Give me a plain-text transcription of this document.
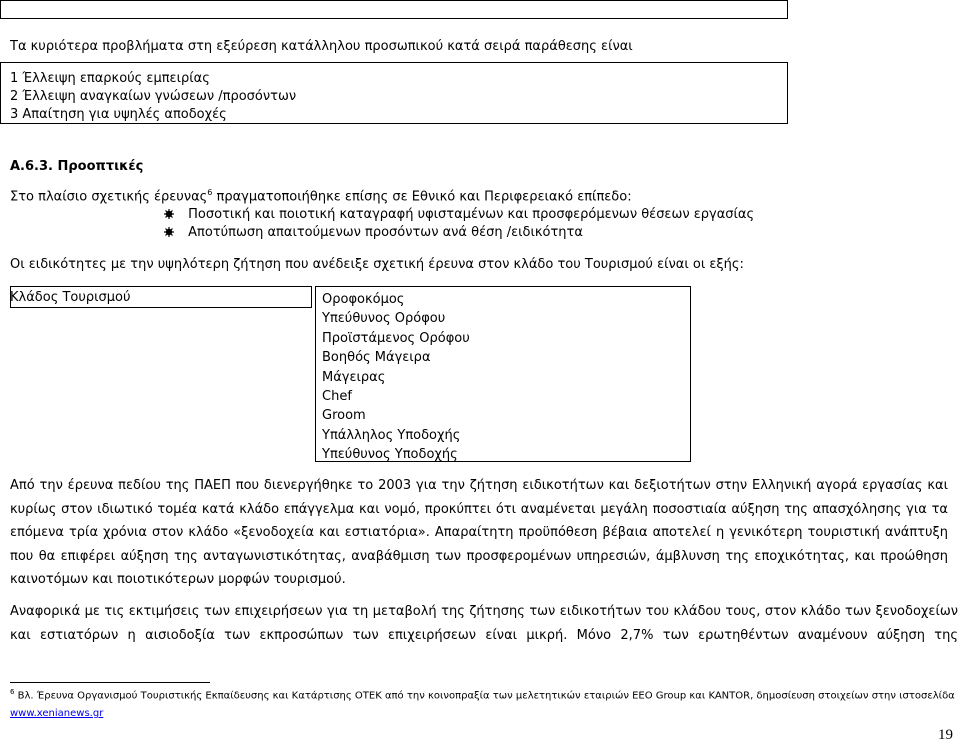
Τα κυριότερα προβλήματα στη εξεύρεση κατάλληλου προσωπικού κατά σειρά παράθεσης είναι
1 Έλλειψη επαρκούς εμπειρίας
2 Έλλειψη αναγκαίων γνώσεων /προσόντων
3 Απαίτηση για υψηλές αποδοχές
Α.6.3. Προοπτικές
Στο πλαίσιο σχετικής έρευνας$^6$ πραγματοποιήθηκε επίσης σε Εθνικό και Περιφερειακό επίπεδο:
Ποσοτική και ποιοτική καταγραφή υφισταμένων και προσφερόμενων θέσεων εργασίας
Αποτύπωση απαιτούμενων προσόντων ανά θέση /ειδικότητα
Οι ειδικότητες με την υψηλότερη ζήτηση που ανέδειξε σχετική έρευνα στον κλάδο του Τουρισμού είναι οι εξής:
Κλάδος Τουρισμού	Οροφοκόμος
Υπεύθυνος Ορόφου
Προϊστάμενος Ορόφου
Βοηθός Μάγειρα
Μάγειρας
Chef
Groom
Υπάλληλος Υποδοχής
Υπεύθυνος Υποδοχής
Από την έρευνα πεδίου της ΠΑΕΠ που διενεργήθηκε το 2003 για την ζήτηση ειδικοτήτων και δεξιοτήτων στην Ελληνική αγορά εργασίας και κυρίως στον ιδιωτικό τομέα κατά κλάδο επάγγελμα και νομό, προκύπτει ότι αναμένεται μεγάλη ποσοστιαία αύξηση της απασχόλησης για τα επόμενα τρία χρόνια στον κλάδο «ξενοδοχεία και εστιατόρια». Απαραίτητη προϋπόθεση βέβαια αποτελεί η γενικότερη τουριστική ανάπτυξη που θα επιφέρει αύξηση της ανταγωνιστικότητας, αναβάθμιση των προσφερομένων υπηρεσιών, άμβλυνση της εποχικότητας, και προώθηση καινοτόμων και ποιοτικότερων μορφών τουρισμού.
Αναφορικά με τις εκτιμήσεις των επιχειρήσεων για τη μεταβολή της ζήτησης των ειδικοτήτων του κλάδου τους, στον κλάδο των ξενοδοχείων και εστιατόρων η αισιοδοξία των εκπροσώπων των επιχειρήσεων είναι μικρή. Μόνο 2,7% των ερωτηθέντων αναμένουν αύξηση της
$^6$ Βλ. Έρευνα Οργανισμού Τουριστικής Εκπαίδευσης και Κατάρτισης ΟΤΕΚ από την κοινοπραξία των μελετητικών εταιριών ΕΕΟ Group και KANTOR, δημοσίευση στοιχείων στην ιστοσελίδα
www.xenianews.gr
19
